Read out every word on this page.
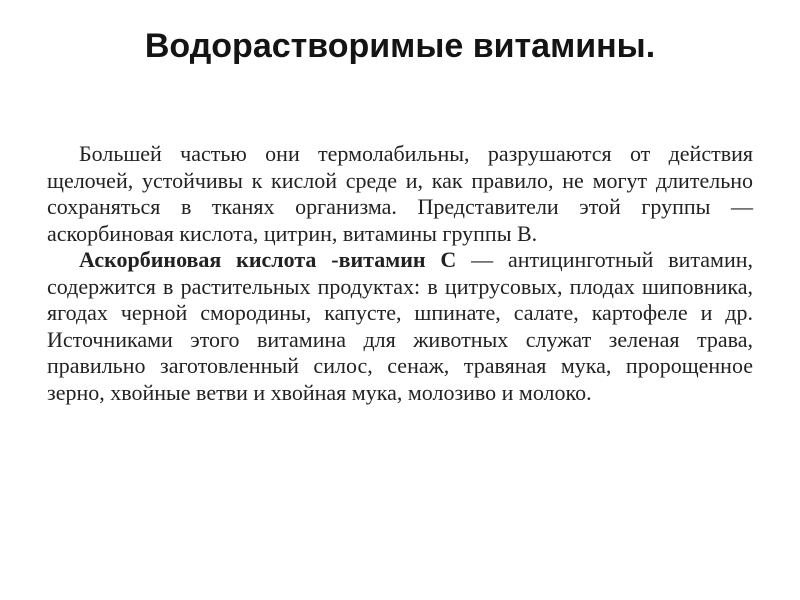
Водорастворимые витамины.

Большей частью они термолабильны, разрушаются от действия щелочей, устойчивы к кислой среде и, как правило, не могут длительно сохраняться в тканях организма. Представители этой группы — аскорбиновая кислота, цитрин, витамины группы В.

Аскорбиновая кислота -витамин С — антицинготный витамин, содержится в растительных продуктах: в цитрусовых, плодах шиповника, ягодах черной смородины, капусте, шпинате, салате, картофеле и др. Источниками этого витамина для животных служат зеленая трава, правильно заготовленный силос, сенаж, травяная мука, пророщенное зерно, хвойные ветви и хвойная мука, молозиво и молоко.
